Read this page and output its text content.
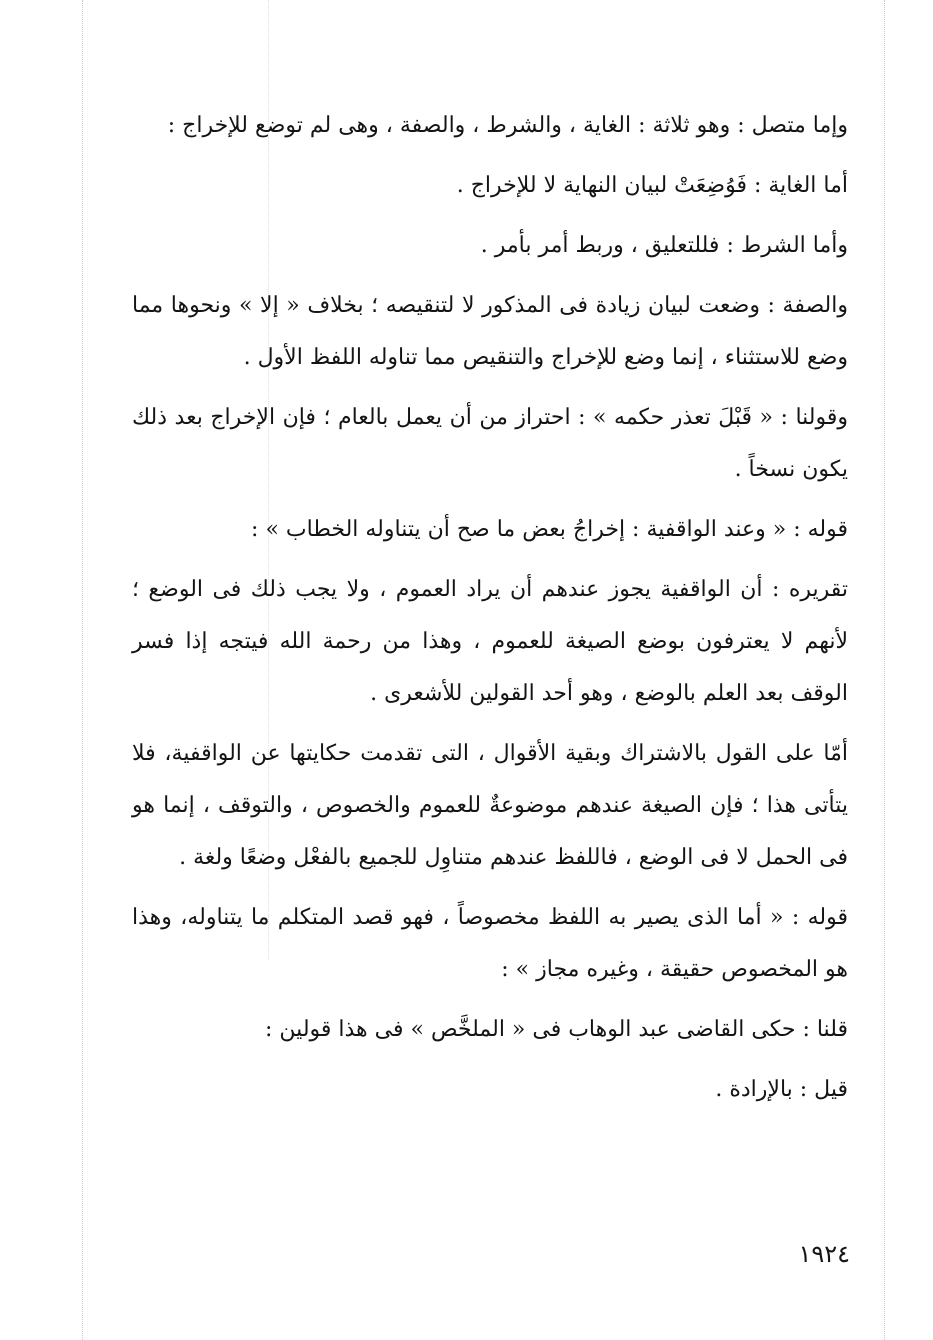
وإما متصل : وهو ثلاثة : الغاية ، والشرط ، والصفة ، وهى لم توضع للإخراج :

أما الغاية : فَوُضِعَتْ لبيان النهاية لا للإخراج .

وأما الشرط : فللتعليق ، وربط أمر بأمر .

والصفة : وضعت لبيان زيادة فى المذكور لا لتنقيصه ؛ بخلاف « إلا » ونحوها مما وضع للاستثناء ، إنما وضع للإخراج والتنقيص مما تناوله اللفظ الأول .

وقولنا : « قَبْلَ تعذر حكمه » : احتراز من أن يعمل بالعام ؛ فإن الإخراج بعد ذلك يكون نسخاً .

قوله : « وعند الواقفية : إخراجُ بعض ما صح أن يتناوله الخطاب » :

تقريره : أن الواقفية يجوز عندهم أن يراد العموم ، ولا يجب ذلك فى الوضع ؛ لأنهم لا يعترفون بوضع الصيغة للعموم ، وهذا من رحمة الله فيتجه إذا فسر الوقف بعد العلم بالوضع ، وهو أحد القولين للأشعرى .

أمّا على القول بالاشتراك وبقية الأقوال ، التى تقدمت حكايتها عن الواقفية، فلا يتأتى هذا ؛ فإن الصيغة عندهم موضوعةٌ للعموم والخصوص ، والتوقف ، إنما هو فى الحمل لا فى الوضع ، فاللفظ عندهم متناوِل للجميع بالفعْل وضعًا ولغة .

قوله : « أما الذى يصير به اللفظ مخصوصاً ، فهو قصد المتكلم ما يتناوله، وهذا هو المخصوص حقيقة ، وغيره مجاز » :

قلنا : حكى القاضى عبد الوهاب فى « الملخَّص » فى هذا قولين :

قيل : بالإرادة .

١٩٢٤
